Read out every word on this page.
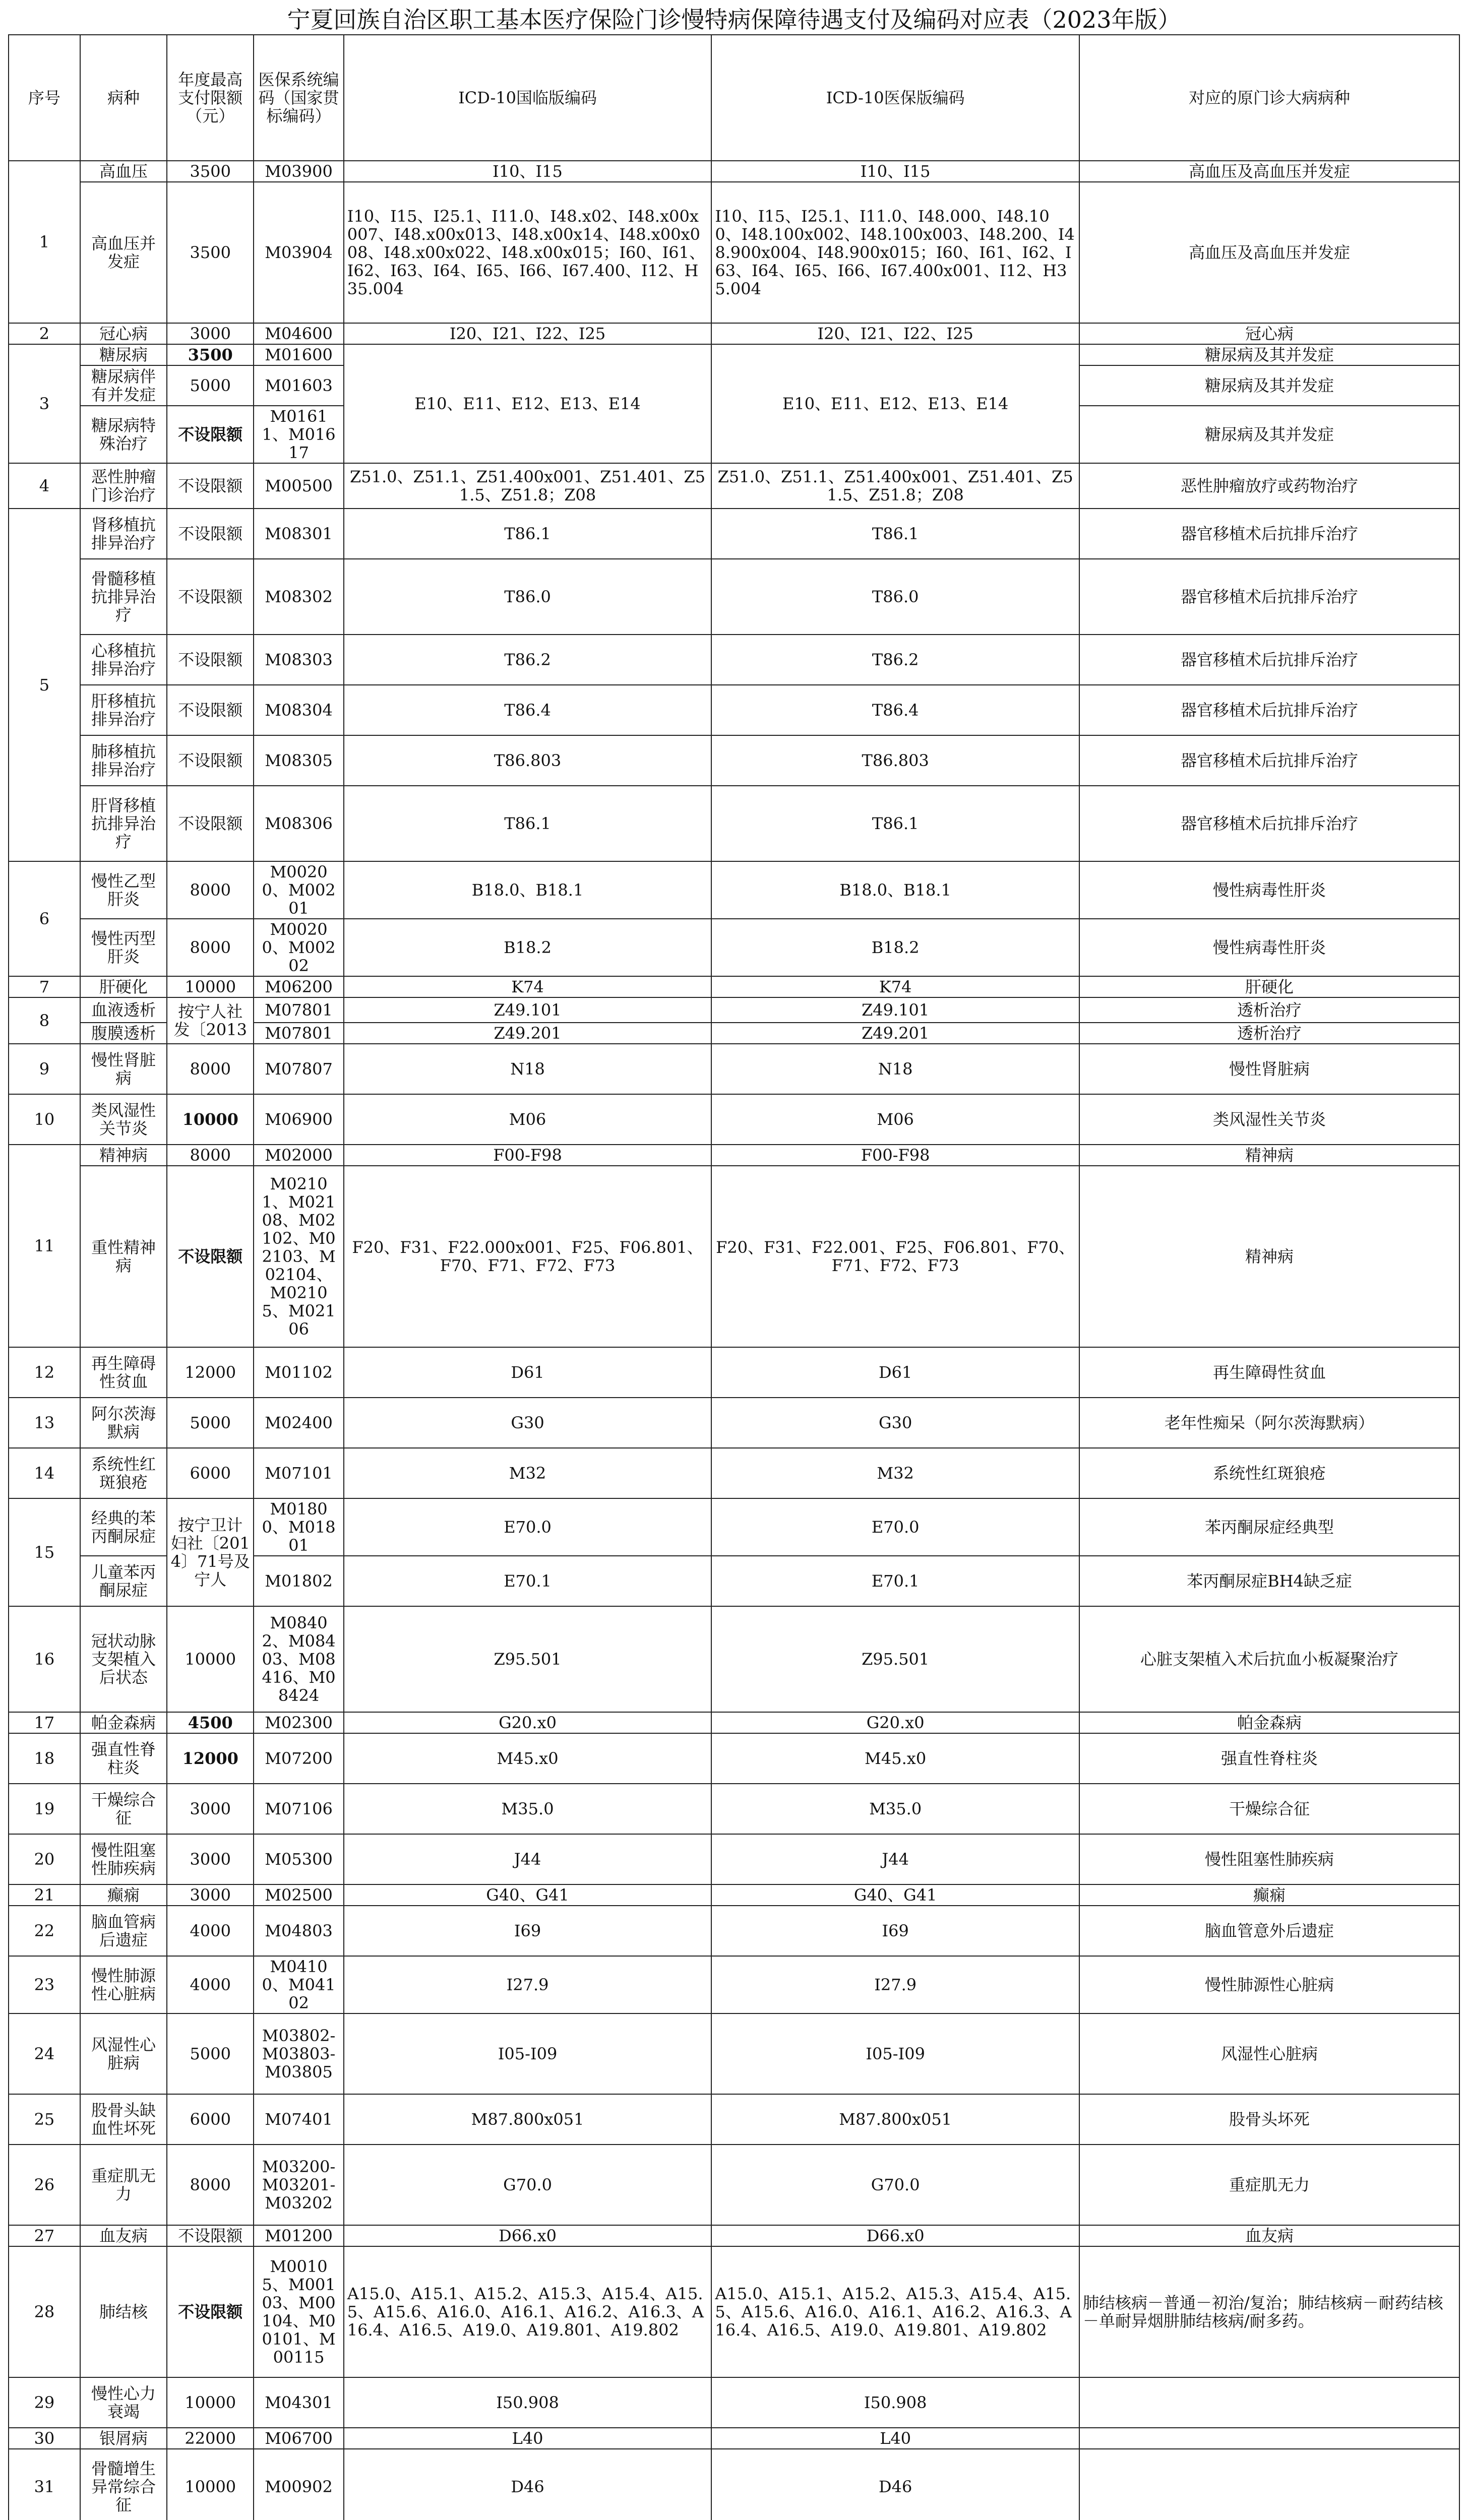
宁夏回族自治区职工基本医疗保险门诊慢特病保障待遇支付及编码对应表（2023年版）
序号	病种	年度最高支付限额（元）	医保系统编码（国家贯标编码）	ICD-10国临版编码	ICD-10医保版编码	对应的原门诊大病病种
1	高血压	3500	M03900	I10、I15	I10、I15	高血压及高血压并发症
	高血压并发症	3500	M03904	I10、I15、I25.1、I11.0、I48.x02、I48.x00x007、I48.x00x013、I48.x00x14、I48.x00x008、I48.x00x022、I48.x00x015；I60、I61、I62、I63、I64、I65、I66、I67.400、I12、H35.004	I10、I15、I25.1、I11.0、I48.000、I48.100、I48.100x002、I48.100x003、I48.200、I48.900x004、I48.900x015；I60、I61、I62、I63、I64、I65、I66、I67.400x001、I12、H35.004	高血压及高血压并发症
2	冠心病	3000	M04600	I20、I21、I22、I25	I20、I21、I22、I25	冠心病
3	糖尿病	3500	M01600	E10、E11、E12、E13、E14	E10、E11、E12、E13、E14	糖尿病及其并发症
	糖尿病伴有并发症	5000	M01603			糖尿病及其并发症
	糖尿病特殊治疗	不设限额	M01611、M01617			糖尿病及其并发症
4	恶性肿瘤门诊治疗	不设限额	M00500	Z51.0、Z51.1、Z51.400x001、Z51.401、Z51.5、Z51.8；Z08	Z51.0、Z51.1、Z51.400x001、Z51.401、Z51.5、Z51.8；Z08	恶性肿瘤放疗或药物治疗
5	肾移植抗排异治疗	不设限额	M08301	T86.1	T86.1	器官移植术后抗排斥治疗
	骨髓移植抗排异治疗	不设限额	M08302	T86.0	T86.0	器官移植术后抗排斥治疗
	心移植抗排异治疗	不设限额	M08303	T86.2	T86.2	器官移植术后抗排斥治疗
	肝移植抗排异治疗	不设限额	M08304	T86.4	T86.4	器官移植术后抗排斥治疗
	肺移植抗排异治疗	不设限额	M08305	T86.803	T86.803	器官移植术后抗排斥治疗
	肝肾移植抗排异治疗	不设限额	M08306	T86.1	T86.1	器官移植术后抗排斥治疗
6	慢性乙型肝炎	8000	M00200、M00201	B18.0、B18.1	B18.0、B18.1	慢性病毒性肝炎
	慢性丙型肝炎	8000	M00200、M00202	B18.2	B18.2	慢性病毒性肝炎
7	肝硬化	10000	M06200	K74	K74	肝硬化
8	血液透析	按宁人社发〔2013	M07801	Z49.101	Z49.101	透析治疗
	腹膜透析		M07801	Z49.201	Z49.201	透析治疗
9	慢性肾脏病	8000	M07807	N18	N18	慢性肾脏病
10	类风湿性关节炎	10000	M06900	M06	M06	类风湿性关节炎
11	精神病	8000	M02000	F00-F98	F00-F98	精神病
	重性精神病	不设限额	M02101、M02108、M02102、M02103、M02104、M02105、M02106	F20、F31、F22.000x001、F25、F06.801、F70、F71、F72、F73	F20、F31、F22.001、F25、F06.801、F70、F71、F72、F73	精神病
12	再生障碍性贫血	12000	M01102	D61	D61	再生障碍性贫血
13	阿尔茨海默病	5000	M02400	G30	G30	老年性痴呆（阿尔茨海默病）
14	系统性红斑狼疮	6000	M07101	M32	M32	系统性红斑狼疮
15	经典的苯丙酮尿症	按宁卫计妇社〔2014〕71号及宁人	M01800、M01801	E70.0	E70.0	苯丙酮尿症经典型
	儿童苯丙酮尿症		M01802	E70.1	E70.1	苯丙酮尿症BH4缺乏症
16	冠状动脉支架植入后状态	10000	M08402、M08403、M08416、M08424	Z95.501	Z95.501	心脏支架植入术后抗血小板凝聚治疗
17	帕金森病	4500	M02300	G20.x0	G20.x0	帕金森病
18	强直性脊柱炎	12000	M07200	M45.x0	M45.x0	强直性脊柱炎
19	干燥综合征	3000	M07106	M35.0	M35.0	干燥综合征
20	慢性阻塞性肺疾病	3000	M05300	J44	J44	慢性阻塞性肺疾病
21	癫痫	3000	M02500	G40、G41	G40、G41	癫痫
22	脑血管病后遗症	4000	M04803	I69	I69	脑血管意外后遗症
23	慢性肺源性心脏病	4000	M04100、M04102	I27.9	I27.9	慢性肺源性心脏病
24	风湿性心脏病	5000	M03802-M03803-M03805	I05-I09	I05-I09	风湿性心脏病
25	股骨头缺血性坏死	6000	M07401	M87.800x051	M87.800x051	股骨头坏死
26	重症肌无力	8000	M03200-M03201-M03202	G70.0	G70.0	重症肌无力
27	血友病	不设限额	M01200	D66.x0	D66.x0	血友病
28	肺结核	不设限额	M00105、M00103、M00104、M00101、M00115	A15.0、A15.1、A15.2、A15.3、A15.4、A15.5、A15.6、A16.0、A16.1、A16.2、A16.3、A16.4、A16.5、A19.0、A19.801、A19.802	A15.0、A15.1、A15.2、A15.3、A15.4、A15.5、A15.6、A16.0、A16.1、A16.2、A16.3、A16.4、A16.5、A19.0、A19.801、A19.802	肺结核病－普通－初治/复治；肺结核病－耐药结核－单耐异烟肼肺结核病/耐多药。
29	慢性心力衰竭	10000	M04301	I50.908	I50.908	
30	银屑病	22000	M06700	L40	L40	
31	骨髓增生异常综合征	10000	M00902	D46	D46	
